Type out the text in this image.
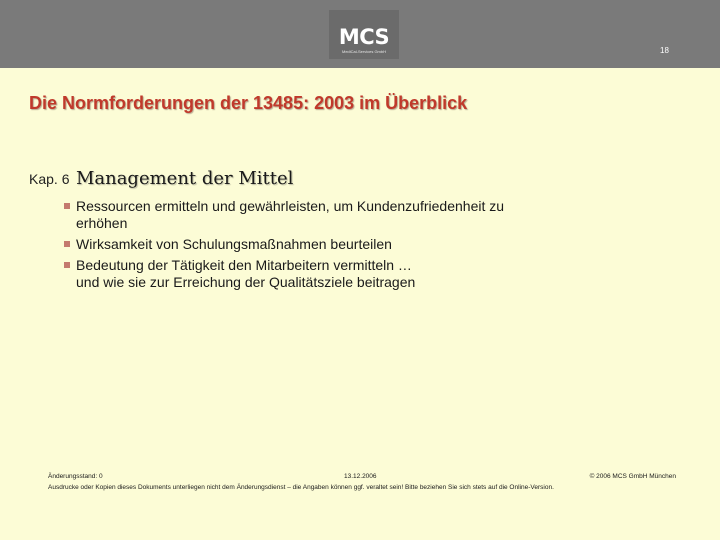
MCS
MediCal-Services GmbH	18
Die Normforderungen der 13485: 2003 im Überblick
Kap. 6 Management der Mittel
Ressourcen ermitteln und gewährleisten, um Kundenzufriedenheit zu
erhöhen
Wirksamkeit von Schulungsmaßnahmen beurteilen
Bedeutung der Tätigkeit den Mitarbeitern vermitteln …
und wie sie zur Erreichung der Qualitätsziele beitragen
Änderungsstand: 0	13.12.2006	© 2006 MCS GmbH München
Ausdrucke oder Kopien dieses Dokuments unterliegen nicht dem Änderungsdienst – die Angaben können ggf. veraltet sein! Bitte beziehen Sie sich stets auf die Online-Version.
